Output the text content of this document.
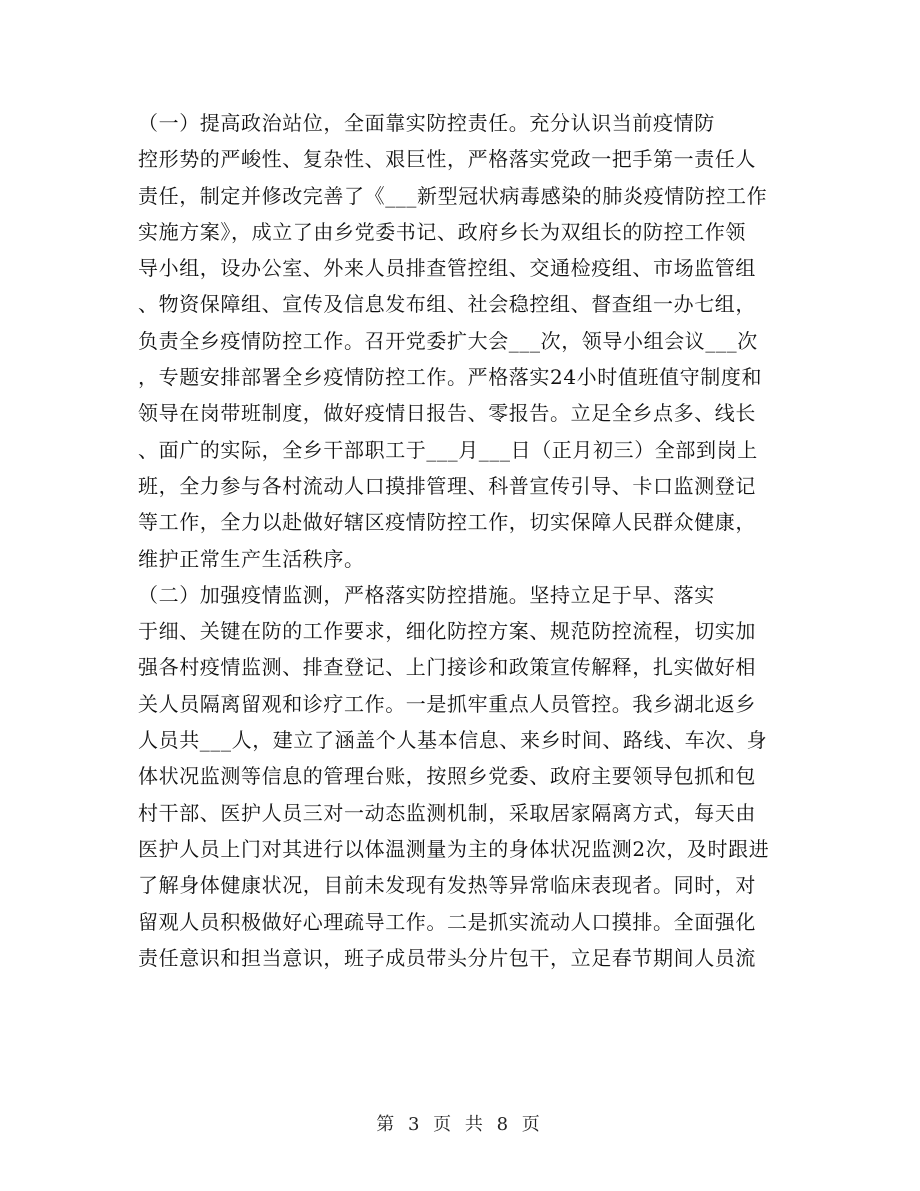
（一）提高政治站位，全面靠实防控责任。充分认识当前疫情防
控形势的严峻性、复杂性、艰巨性，严格落实党政一把手第一责任人
责任，制定并修改完善了《___新型冠状病毒感染的肺炎疫情防控工作
实施方案》，成立了由乡党委书记、政府乡长为双组长的防控工作领
导小组，设办公室、外来人员排查管控组、交通检疫组、市场监管组
、物资保障组、宣传及信息发布组、社会稳控组、督查组一办七组，
负责全乡疫情防控工作。召开党委扩大会___次，领导小组会议___次
，专题安排部署全乡疫情防控工作。严格落实24小时值班值守制度和
领导在岗带班制度，做好疫情日报告、零报告。立足全乡点多、线长
、面广的实际，全乡干部职工于___月___日（正月初三）全部到岗上
班，全力参与各村流动人口摸排管理、科普宣传引导、卡口监测登记
等工作，全力以赴做好辖区疫情防控工作，切实保障人民群众健康，
维护正常生产生活秩序。
（二）加强疫情监测，严格落实防控措施。坚持立足于早、落实
于细、关键在防的工作要求，细化防控方案、规范防控流程，切实加
强各村疫情监测、排查登记、上门接诊和政策宣传解释，扎实做好相
关人员隔离留观和诊疗工作。一是抓牢重点人员管控。我乡湖北返乡
人员共___人，建立了涵盖个人基本信息、来乡时间、路线、车次、身
体状况监测等信息的管理台账，按照乡党委、政府主要领导包抓和包
村干部、医护人员三对一动态监测机制，采取居家隔离方式，每天由
医护人员上门对其进行以体温测量为主的身体状况监测2次，及时跟进
了解身体健康状况，目前未发现有发热等异常临床表现者。同时，对
留观人员积极做好心理疏导工作。二是抓实流动人口摸排。全面强化
责任意识和担当意识，班子成员带头分片包干，立足春节期间人员流
第 3 页 共 8 页
